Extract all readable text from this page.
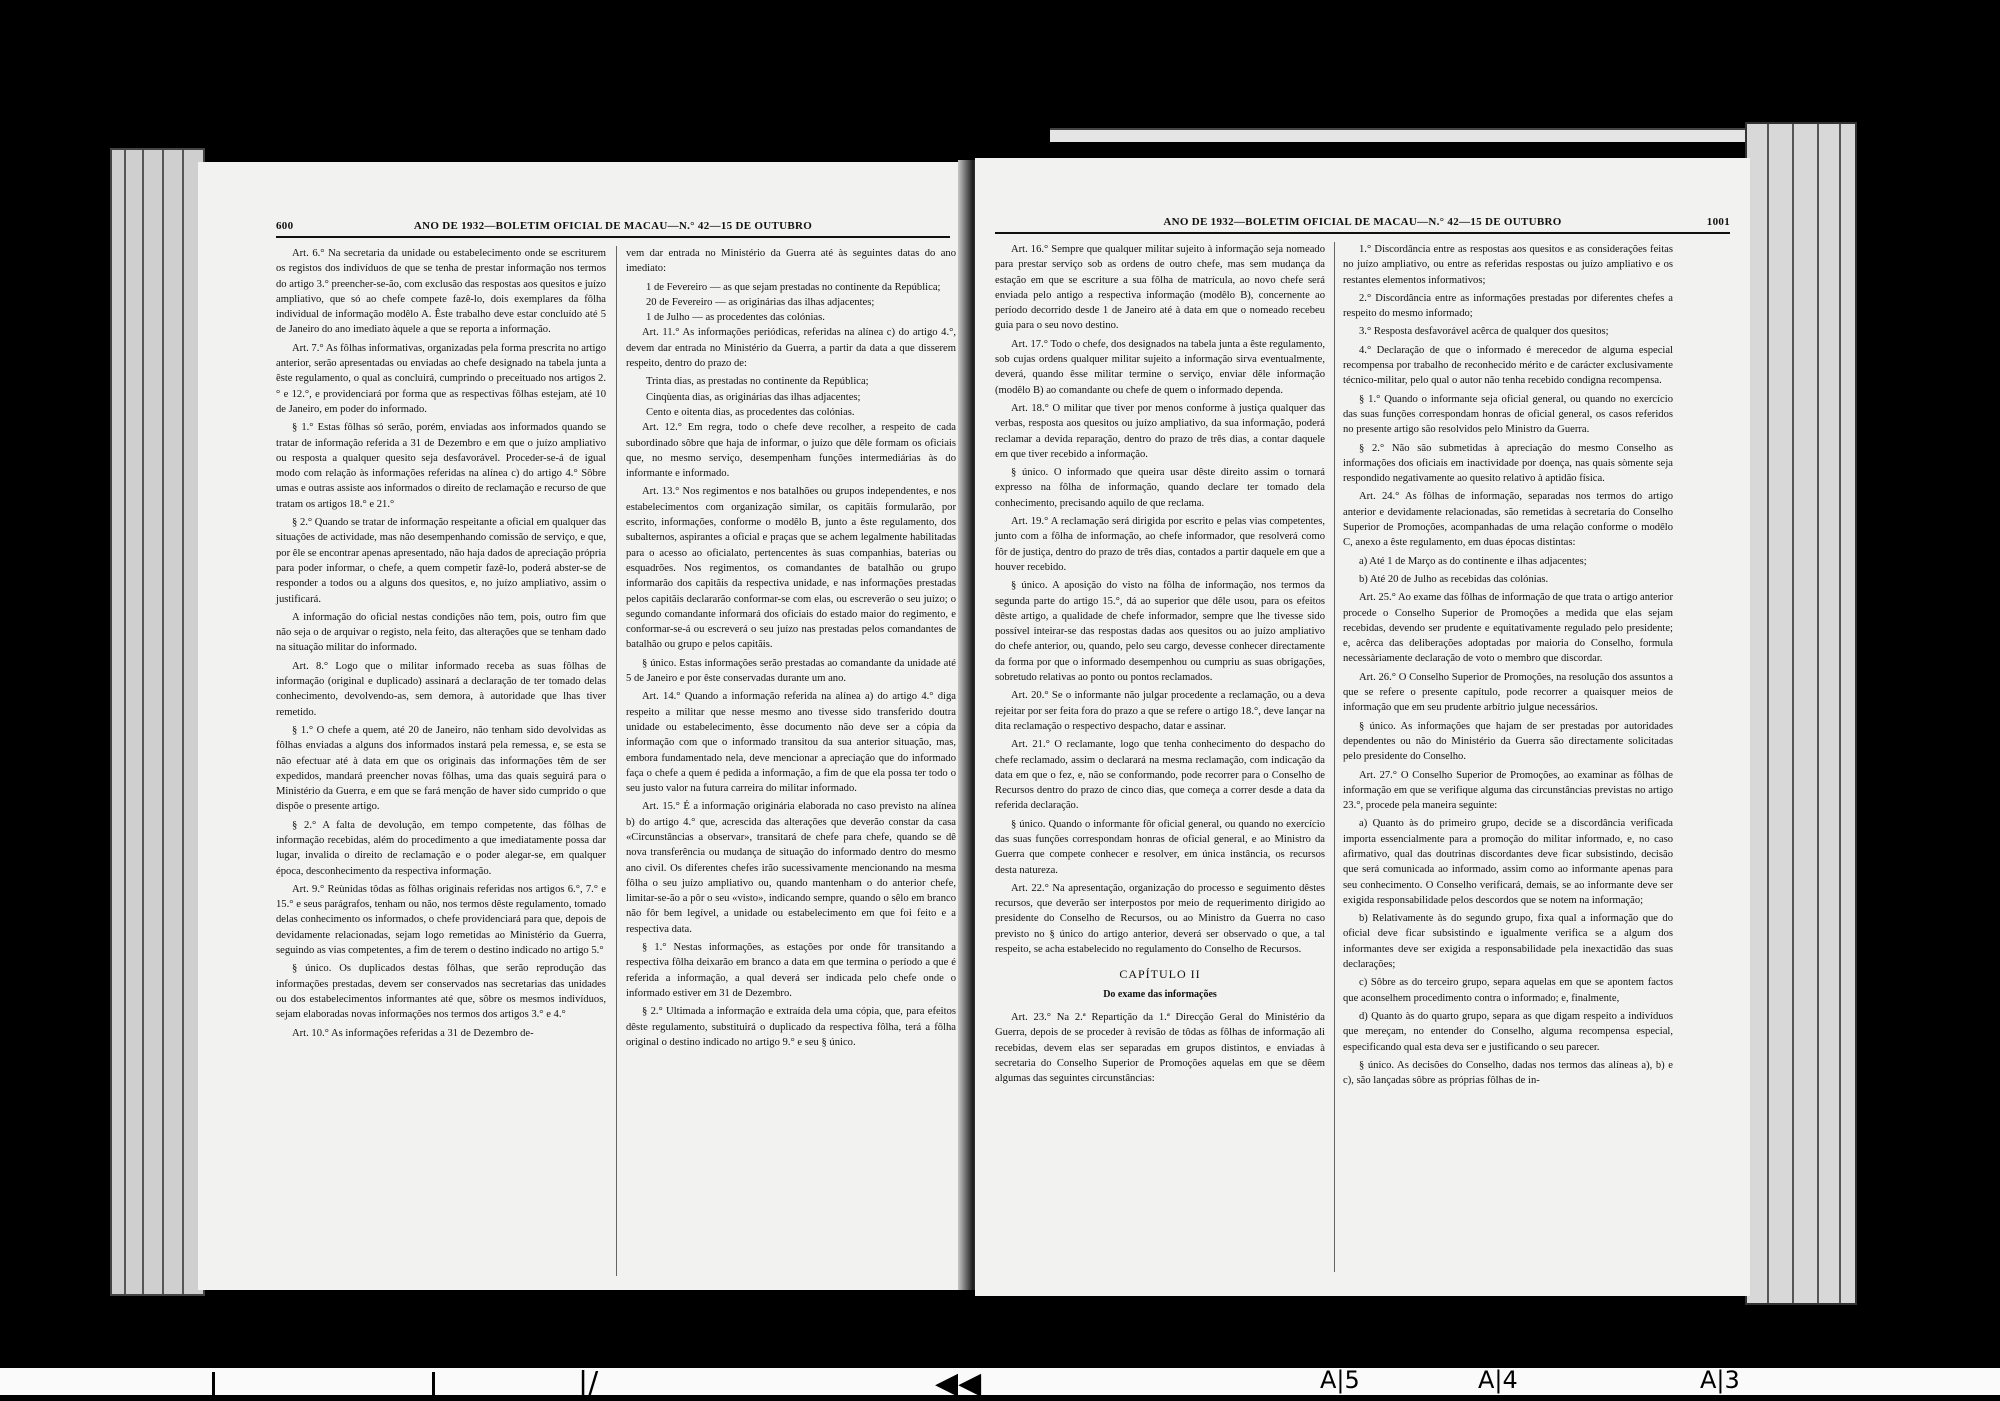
600	ANO DE 1932—BOLETIM OFICIAL DE MACAU—N.° 42—15 DE OUTUBRO

Art. 6.° Na secretaria da unidade ou estabelecimento onde se escriturem os registos dos indivíduos de que se tenha de prestar informação nos termos do artigo 3.° preencher-se-ão, com exclusão das respostas aos quesitos e juízo ampliativo, que só ao chefe compete fazê-lo, dois exemplares da fôlha individual de informação modêlo A. Êste trabalho deve estar concluído até 5 de Janeiro do ano imediato àquele a que se reporta a informação.

Art. 7.° As fôlhas informativas, organizadas pela forma prescrita no artigo anterior, serão apresentadas ou enviadas ao chefe designado na tabela junta a êste regulamento, o qual as concluirá, cumprindo o preceituado nos artigos 2.° e 12.°, e providenciará por forma que as respectivas fôlhas estejam, até 10 de Janeiro, em poder do informado.

§ 1.° Estas fôlhas só serão, porém, enviadas aos informados quando se tratar de informação referida a 31 de Dezembro e em que o juízo ampliativo ou resposta a qualquer quesito seja desfavorável. Proceder-se-á de igual modo com relação às informações referidas na alínea c) do artigo 4.° Sôbre umas e outras assiste aos informados o direito de reclamação e recurso de que tratam os artigos 18.° e 21.°

§ 2.° Quando se tratar de informação respeitante a oficial em qualquer das situações de actividade, mas não desempenhando comissão de serviço, e que, por êle se encontrar apenas apresentado, não haja dados de apreciação própria para poder informar, o chefe, a quem competir fazê-lo, poderá abster-se de responder a todos ou a alguns dos quesitos, e, no juízo ampliativo, assim o justificará.

A informação do oficial nestas condições não tem, pois, outro fim que não seja o de arquivar o registo, nela feito, das alterações que se tenham dado na situação militar do informado.

Art. 8.° Logo que o militar informado receba as suas fôlhas de informação (original e duplicado) assinará a declaração de ter tomado delas conhecimento, devolvendo-as, sem demora, à autoridade que lhas tiver remetido.

§ 1.° O chefe a quem, até 20 de Janeiro, não tenham sido devolvidas as fôlhas enviadas a alguns dos informados instará pela remessa, e, se esta se não efectuar até à data em que os originais das informações têm de ser expedidos, mandará preencher novas fôlhas, uma das quais seguirá para o Ministério da Guerra, e em que se fará menção de haver sido cumprido o que dispõe o presente artigo.

§ 2.° A falta de devolução, em tempo competente, das fôlhas de informação recebidas, além do procedimento a que imediatamente possa dar lugar, invalida o direito de reclamação e o poder alegar-se, em qualquer época, desconhecimento da respectiva informação.

Art. 9.° Reùnidas tôdas as fôlhas originais referidas nos artigos 6.°, 7.° e 15.° e seus parágrafos, tenham ou não, nos termos dêste regulamento, tomado delas conhecimento os informados, o chefe providenciará para que, depois de devidamente relacionadas, sejam logo remetidas ao Ministério da Guerra, seguindo as vias competentes, a fim de terem o destino indicado no artigo 5.°

§ único. Os duplicados destas fôlhas, que serão reprodução das informações prestadas, devem ser conservados nas secretarias das unidades ou dos estabelecimentos informantes até que, sôbre os mesmos indivíduos, sejam elaboradas novas informações nos termos dos artigos 3.° e 4.°

Art. 10.° As informações referidas a 31 de Dezembro de-

vem dar entrada no Ministério da Guerra até às seguintes datas do ano imediato:

1 de Fevereiro — as que sejam prestadas no continente da República;

20 de Fevereiro — as originárias das ilhas adjacentes;

1 de Julho — as procedentes das colónias.

Art. 11.° As informações periódicas, referidas na alínea c) do artigo 4.°, devem dar entrada no Ministério da Guerra, a partir da data a que disserem respeito, dentro do prazo de:

Trinta dias, as prestadas no continente da República;

Cinqùenta dias, as originárias das ilhas adjacentes;

Cento e oitenta dias, as procedentes das colónias.

Art. 12.° Em regra, todo o chefe deve recolher, a respeito de cada subordinado sôbre que haja de informar, o juízo que dêle formam os oficiais que, no mesmo serviço, desempenham funções intermediárias às do informante e informado.

Art. 13.° Nos regimentos e nos batalhões ou grupos independentes, e nos estabelecimentos com organização similar, os capitãis formularão, por escrito, informações, conforme o modêlo B, junto a êste regulamento, dos subalternos, aspirantes a oficial e praças que se achem legalmente habilitadas para o acesso ao oficialato, pertencentes às suas companhias, baterias ou esquadrões. Nos regimentos, os comandantes de batalhão ou grupo informarão dos capitãis da respectiva unidade, e nas informações prestadas pelos capitãis declararão conformar-se com elas, ou escreverão o seu juízo; o segundo comandante informará dos oficiais do estado maior do regimento, e conformar-se-á ou escreverá o seu juízo nas prestadas pelos comandantes de batalhão ou grupo e pelos capitãis.

§ único. Estas informações serão prestadas ao comandante da unidade até 5 de Janeiro e por êste conservadas durante um ano.

Art. 14.° Quando a informação referida na alínea a) do artigo 4.° diga respeito a militar que nesse mesmo ano tivesse sido transferido doutra unidade ou estabelecimento, êsse documento não deve ser a cópia da informação com que o informado transitou da sua anterior situação, mas, embora fundamentado nela, deve mencionar a apreciação que do informado faça o chefe a quem é pedida a informação, a fim de que ela possa ter todo o seu justo valor na futura carreira do militar informado.

Art. 15.° É a informação originária elaborada no caso previsto na alínea b) do artigo 4.° que, acrescida das alterações que deverão constar da casa «Circunstâncias a observar», transitará de chefe para chefe, quando se dê nova transferência ou mudança de situação do informado dentro do mesmo ano civil. Os diferentes chefes irão sucessivamente mencionando na mesma fôlha o seu juízo ampliativo ou, quando mantenham o do anterior chefe, limitar-se-ão a pôr o seu «visto», indicando sempre, quando o sêlo em branco não fôr bem legível, a unidade ou estabelecimento em que foi feito e a respectiva data.

§ 1.° Nestas informações, as estações por onde fôr transitando a respectiva fôlha deixarão em branco a data em que termina o período a que é referida a informação, a qual deverá ser indicada pelo chefe onde o informado estiver em 31 de Dezembro.

§ 2.° Ultimada a informação e extraída dela uma cópia, que, para efeitos dêste regulamento, substituirá o duplicado da respectiva fôlha, terá a fôlha original o destino indicado no artigo 9.° e seu § único.

ANO DE 1932—BOLETIM OFICIAL DE MACAU—N.° 42—15 DE OUTUBRO	1001

Art. 16.° Sempre que qualquer militar sujeito à informação seja nomeado para prestar serviço sob as ordens de outro chefe, mas sem mudança da estação em que se escriture a sua fôlha de matrícula, ao novo chefe será enviada pelo antigo a respectiva informação (modêlo B), concernente ao período decorrido desde 1 de Janeiro até à data em que o nomeado recebeu guia para o seu novo destino.

Art. 17.° Todo o chefe, dos designados na tabela junta a êste regulamento, sob cujas ordens qualquer militar sujeito a informação sirva eventualmente, deverá, quando êsse militar termine o serviço, enviar dêle informação (modêlo B) ao comandante ou chefe de quem o informado dependa.

Art. 18.° O militar que tiver por menos conforme à justiça qualquer das verbas, resposta aos quesitos ou juízo ampliativo, da sua informação, poderá reclamar a devida reparação, dentro do prazo de três dias, a contar daquele em que tiver recebido a informação.

§ único. O informado que queira usar dêste direito assim o tornará expresso na fôlha de informação, quando declare ter tomado dela conhecimento, precisando aquilo de que reclama.

Art. 19.° A reclamação será dirigida por escrito e pelas vias competentes, junto com a fôlha de informação, ao chefe informador, que resolverá como fôr de justiça, dentro do prazo de três dias, contados a partir daquele em que a houver recebido.

§ único. A aposição do visto na fôlha de informação, nos termos da segunda parte do artigo 15.°, dá ao superior que dêle usou, para os efeitos dêste artigo, a qualidade de chefe informador, sempre que lhe tivesse sido possível inteirar-se das respostas dadas aos quesitos ou ao juízo ampliativo do chefe anterior, ou, quando, pelo seu cargo, devesse conhecer directamente da forma por que o informado desempenhou ou cumpriu as suas obrigações, sobretudo relativas ao ponto ou pontos reclamados.

Art. 20.° Se o informante não julgar procedente a reclamação, ou a deva rejeitar por ser feita fora do prazo a que se refere o artigo 18.°, deve lançar na dita reclamação o respectivo despacho, datar e assinar.

Art. 21.° O reclamante, logo que tenha conhecimento do despacho do chefe reclamado, assim o declarará na mesma reclamação, com indicação da data em que o fez, e, não se conformando, pode recorrer para o Conselho de Recursos dentro do prazo de cinco dias, que começa a correr desde a data da referida declaração.

§ único. Quando o informante fôr oficial general, ou quando no exercício das suas funções correspondam honras de oficial general, e ao Ministro da Guerra que compete conhecer e resolver, em única instância, os recursos desta natureza.

Art. 22.° Na apresentação, organização do processo e seguimento dêstes recursos, que deverão ser interpostos por meio de requerimento dirigido ao presidente do Conselho de Recursos, ou ao Ministro da Guerra no caso previsto no § único do artigo anterior, deverá ser observado o que, a tal respeito, se acha estabelecido no regulamento do Conselho de Recursos.

CAPÍTULO II

Do exame das informações

Art. 23.° Na 2.ª Repartição da 1.ª Direcção Geral do Ministério da Guerra, depois de se proceder à revisão de tôdas as fôlhas de informação ali recebidas, devem elas ser separadas em grupos distintos, e enviadas à secretaria do Conselho Superior de Promoções aquelas em que se dêem algumas das seguintes circunstâncias:

1.° Discordância entre as respostas aos quesitos e as considerações feitas no juízo ampliativo, ou entre as referidas respostas ou juízo ampliativo e os restantes elementos informativos;

2.° Discordância entre as informações prestadas por diferentes chefes a respeito do mesmo informado;

3.° Resposta desfavorável acêrca de qualquer dos quesitos;

4.° Declaração de que o informado é merecedor de alguma especial recompensa por trabalho de reconhecido mérito e de carácter exclusivamente técnico-militar, pelo qual o autor não tenha recebido condigna recompensa.

§ 1.° Quando o informante seja oficial general, ou quando no exercício das suas funções correspondam honras de oficial general, os casos referidos no presente artigo são resolvidos pelo Ministro da Guerra.

§ 2.° Não são submetidas à apreciação do mesmo Conselho as informações dos oficiais em inactividade por doença, nas quais sòmente seja respondido negativamente ao quesito relativo à aptidão física.

Art. 24.° As fôlhas de informação, separadas nos termos do artigo anterior e devidamente relacionadas, são remetidas à secretaria do Conselho Superior de Promoções, acompanhadas de uma relação conforme o modêlo C, anexo a êste regulamento, em duas épocas distintas:

a) Até 1 de Março as do continente e ilhas adjacentes;

b) Até 20 de Julho as recebidas das colónias.

Art. 25.° Ao exame das fôlhas de informação de que trata o artigo anterior procede o Conselho Superior de Promoções a medida que elas sejam recebidas, devendo ser prudente e equitativamente regulado pelo presidente; e, acêrca das deliberações adoptadas por maioria do Conselho, formula necessàriamente declaração de voto o membro que discordar.

Art. 26.° O Conselho Superior de Promoções, na resolução dos assuntos a que se refere o presente capítulo, pode recorrer a quaisquer meios de informação que em seu prudente arbítrio julgue necessários.

§ único. As informações que hajam de ser prestadas por autoridades dependentes ou não do Ministério da Guerra são directamente solicitadas pelo presidente do Conselho.

Art. 27.° O Conselho Superior de Promoções, ao examinar as fôlhas de informação em que se verifique alguma das circunstâncias previstas no artigo 23.°, procede pela maneira seguinte:

a) Quanto às do primeiro grupo, decide se a discordância verificada importa essencialmente para a promoção do militar informado, e, no caso afirmativo, qual das doutrinas discordantes deve ficar subsistindo, decisão que será comunicada ao informado, assim como ao informante apenas para seu conhecimento. O Conselho verificará, demais, se ao informante deve ser exigida responsabilidade pelos descordos que se notem na informação;

b) Relativamente às do segundo grupo, fixa qual a informação que do oficial deve ficar subsistindo e igualmente verifica se a algum dos informantes deve ser exigida a responsabilidade pela inexactidão das suas declarações;

c) Sôbre as do terceiro grupo, separa aquelas em que se apontem factos que aconselhem procedimento contra o informado; e, finalmente,

d) Quanto às do quarto grupo, separa as que digam respeito a indivíduos que mereçam, no entender do Conselho, alguma recompensa especial, especificando qual esta deva ser e justificando o seu parecer.

§ único. As decisões do Conselho, dadas nos termos das alíneas a), b) e c), são lançadas sôbre as próprias fôlhas de in-

|/	◀◀	A|5	A|4	A|3
